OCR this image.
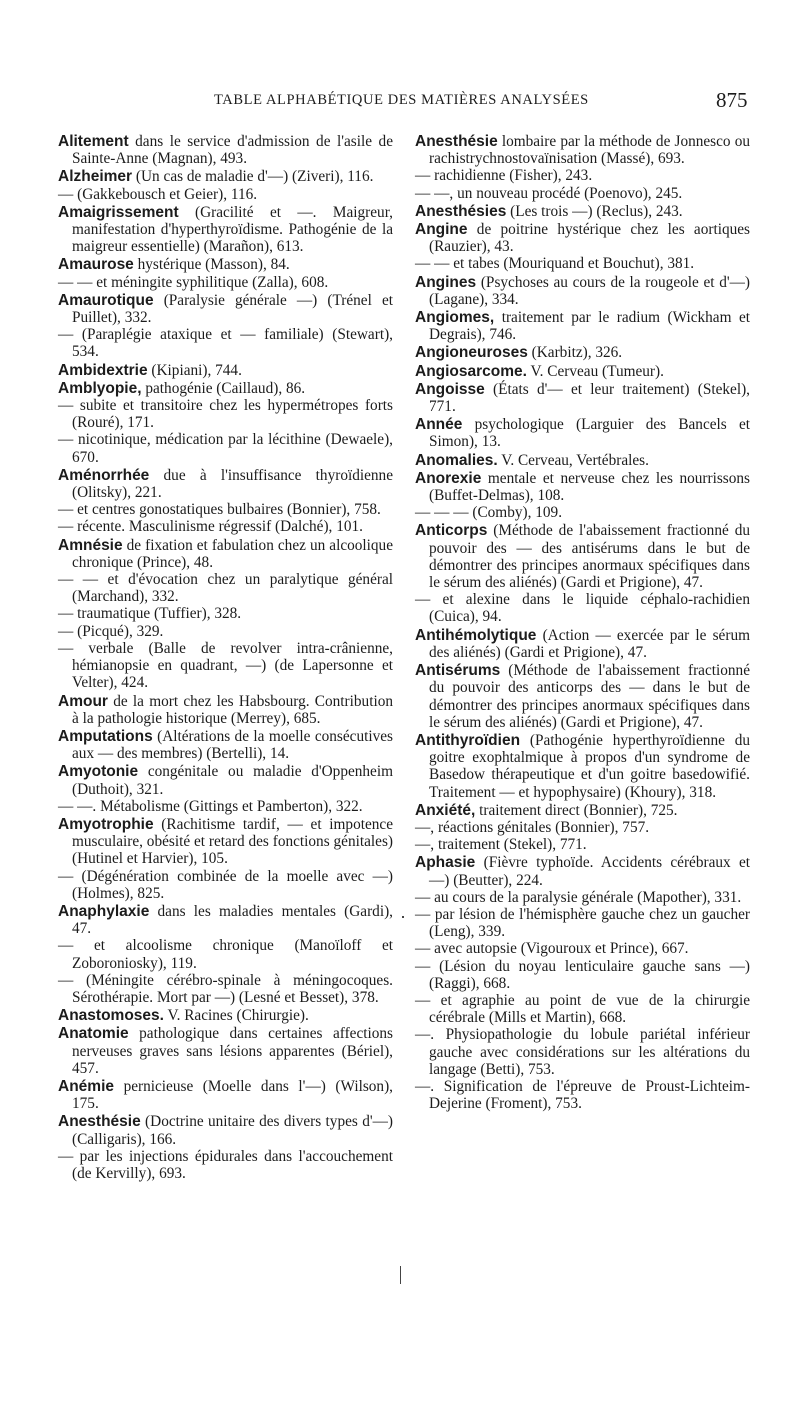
TABLE ALPHABÉTIQUE DES MATIÈRES ANALYSÉES	875

Alitement dans le service d'admission de l'asile de Sainte-Anne (Magnan), 493.

Alzheimer (Un cas de maladie d'—) (Ziveri), 116.

— (Gakkebousch et Geier), 116.

Amaigrissement (Gracilité et —. Maigreur, manifestation d'hyperthyroïdisme. Pathogénie de la maigreur essentielle) (Marañon), 613.

Amaurose hystérique (Masson), 84.

— — et méningite syphilitique (Zalla), 608.

Amaurotique (Paralysie générale —) (Trénel et Puillet), 332.

— (Paraplégie ataxique et — familiale) (Stewart), 534.

Ambidextrie (Kipiani), 744.

Amblyopie, pathogénie (Caillaud), 86.

— subite et transitoire chez les hypermétropes forts (Rouré), 171.

— nicotinique, médication par la lécithine (Dewaele), 670.

Aménorrhée due à l'insuffisance thyroïdienne (Olitsky), 221.

— et centres gonostatiques bulbaires (Bonnier), 758.

— récente. Masculinisme régressif (Dalché), 101.

Amnésie de fixation et fabulation chez un alcoolique chronique (Prince), 48.

— — et d'évocation chez un paralytique général (Marchand), 332.

— traumatique (Tuffier), 328.

— (Picqué), 329.

— verbale (Balle de revolver intra-crânienne, hémianopsie en quadrant, —) (de Lapersonne et Velter), 424.

Amour de la mort chez les Habsbourg. Contribution à la pathologie historique (Merrey), 685.

Amputations (Altérations de la moelle consécutives aux — des membres) (Bertelli), 14.

Amyotonie congénitale ou maladie d'Oppenheim (Duthoit), 321.

— —. Métabolisme (Gittings et Pamberton), 322.

Amyotrophie (Rachitisme tardif, — et impotence musculaire, obésité et retard des fonctions génitales) (Hutinel et Harvier), 105.

— (Dégénération combinée de la moelle avec —) (Holmes), 825.

Anaphylaxie dans les maladies mentales (Gardi), 47.

— et alcoolisme chronique (Manoïloff et Zoboroniosky), 119.

— (Méningite cérébro-spinale à méningocoques. Sérothérapie. Mort par —) (Lesné et Besset), 378.

Anastomoses. V. Racines (Chirurgie).

Anatomie pathologique dans certaines affections nerveuses graves sans lésions apparentes (Bériel), 457.

Anémie pernicieuse (Moelle dans l'—) (Wilson), 175.

Anesthésie (Doctrine unitaire des divers types d'—) (Calligaris), 166.

— par les injections épidurales dans l'accouchement (de Kervilly), 693.

Anesthésie lombaire par la méthode de Jonnesco ou rachistrychnostovaïnisation (Massé), 693.

— rachidienne (Fisher), 243.

— —, un nouveau procédé (Poenovo), 245.

Anesthésies (Les trois —) (Reclus), 243.

Angine de poitrine hystérique chez les aortiques (Rauzier), 43.

— — et tabes (Mouriquand et Bouchut), 381.

Angines (Psychoses au cours de la rougeole et d'—) (Lagane), 334.

Angiomes, traitement par le radium (Wickham et Degrais), 746.

Angioneuroses (Karbitz), 326.

Angiosarcome. V. Cerveau (Tumeur).

Angoisse (États d'— et leur traitement) (Stekel), 771.

Année psychologique (Larguier des Bancels et Simon), 13.

Anomalies. V. Cerveau, Vertébrales.

Anorexie mentale et nerveuse chez les nourrissons (Buffet-Delmas), 108.

— — — (Comby), 109.

Anticorps (Méthode de l'abaissement fractionné du pouvoir des — des antisérums dans le but de démontrer des principes anormaux spécifiques dans le sérum des aliénés) (Gardi et Prigione), 47.

— et alexine dans le liquide céphalo-rachidien (Cuica), 94.

Antihémolytique (Action — exercée par le sérum des aliénés) (Gardi et Prigione), 47.

Antisérums (Méthode de l'abaissement fractionné du pouvoir des anticorps des — dans le but de démontrer des principes anormaux spécifiques dans le sérum des aliénés) (Gardi et Prigione), 47.

Antithyroïdien (Pathogénie hyperthyroïdienne du goitre exophtalmique à propos d'un syndrome de Basedow thérapeutique et d'un goitre basedowifié. Traitement — et hypophysaire) (Khoury), 318.

Anxiété, traitement direct (Bonnier), 725.

—, réactions génitales (Bonnier), 757.

—, traitement (Stekel), 771.

Aphasie (Fièvre typhoïde. Accidents cérébraux et —) (Beutter), 224.

— au cours de la paralysie générale (Mapother), 331.

— par lésion de l'hémisphère gauche chez un gaucher (Leng), 339.

— avec autopsie (Vigouroux et Prince), 667.

— (Lésion du noyau lenticulaire gauche sans —) (Raggi), 668.

— et agraphie au point de vue de la chirurgie cérébrale (Mills et Martin), 668.

—. Physiopathologie du lobule pariétal inférieur gauche avec considérations sur les altérations du langage (Betti), 753.

—. Signification de l'épreuve de Proust-Lichteim-Dejerine (Froment), 753.
